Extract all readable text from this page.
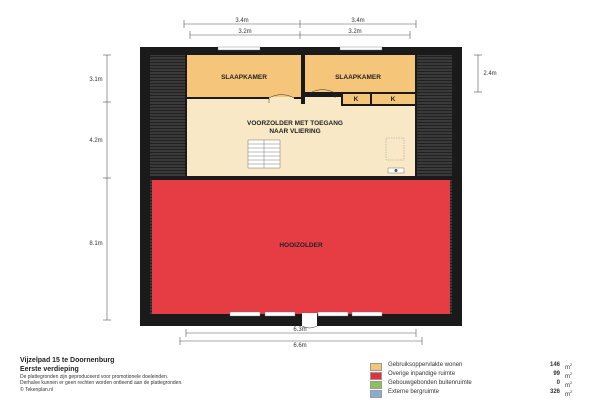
3.4m	3.4m
3.2m	3.2m
3.1m
4.2m
8.1m
2.4m
SLAAPKAMER	SLAAPKAMER
K	K
VOORZOLDER MET TOEGANG
NAAR VLIERING
HOOIZOLDER
6.3m
6.6m
Vijzelpad 15 te Doornenburg
Eerste verdieping
De plattegronden zijn geproduceerd voor promotionele doeleinden.
Derhalve kunnen er geen rechten worden ontleend aan de plattegronden.
© Tekenplan.nl
Gebruiksoppervlakte wonen	146 $m^2$
Overige inpandige ruimte	99 $m^2$
Gebouwgebonden buitenruimte	0 $m^2$
Externe bergruimte	326 $m^2$
